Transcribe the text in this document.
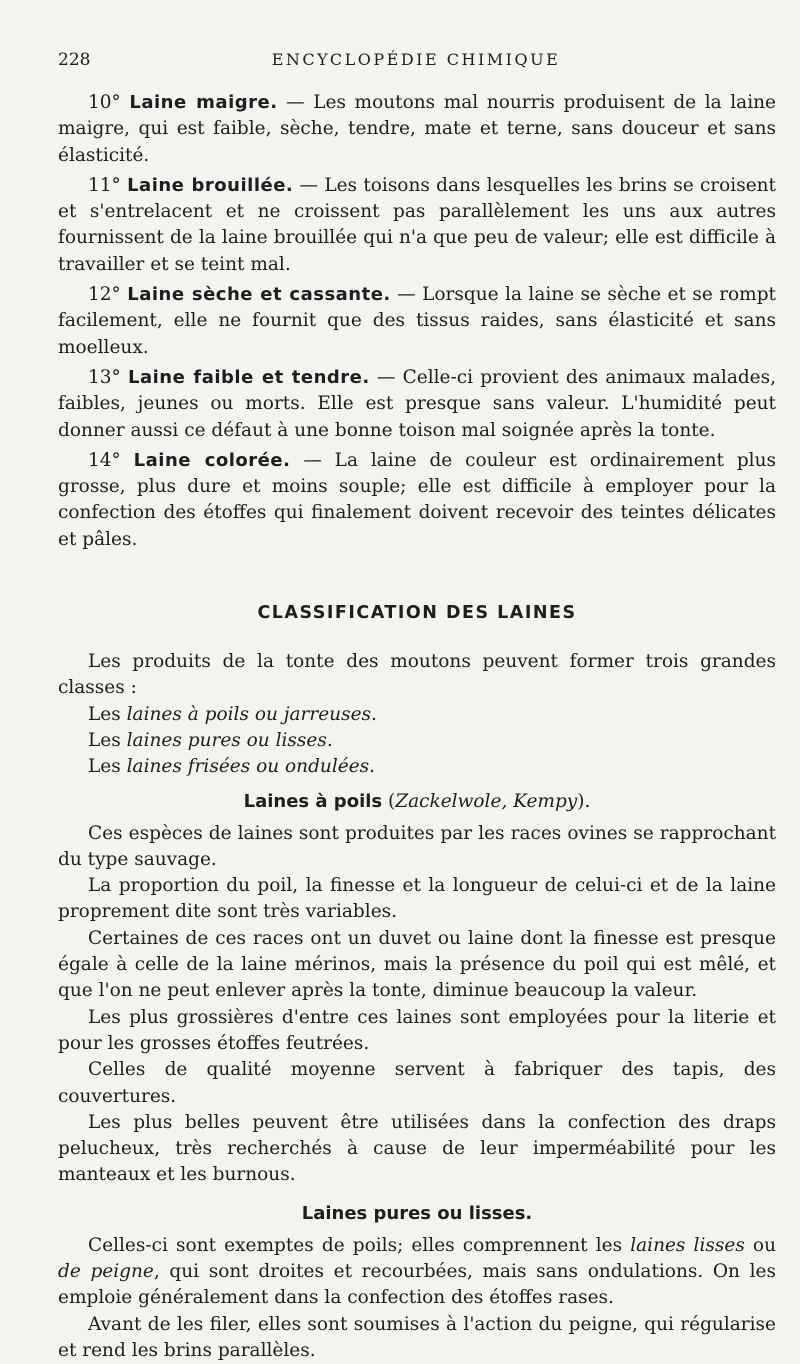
228	ENCYCLOPÉDIE CHIMIQUE

10° Laine maigre. — Les moutons mal nourris produisent de la laine maigre, qui est faible, sèche, tendre, mate et terne, sans douceur et sans élasticité.

11° Laine brouillée. — Les toisons dans lesquelles les brins se croisent et s'entrelacent et ne croissent pas parallèlement les uns aux autres fournissent de la laine brouillée qui n'a que peu de valeur; elle est difficile à travailler et se teint mal.

12° Laine sèche et cassante. — Lorsque la laine se sèche et se rompt facilement, elle ne fournit que des tissus raides, sans élasticité et sans moelleux.

13° Laine faible et tendre. — Celle-ci provient des animaux malades, faibles, jeunes ou morts. Elle est presque sans valeur. L'humidité peut donner aussi ce défaut à une bonne toison mal soignée après la tonte.

14° Laine colorée. — La laine de couleur est ordinairement plus grosse, plus dure et moins souple; elle est difficile à employer pour la confection des étoffes qui finalement doivent recevoir des teintes délicates et pâles.

CLASSIFICATION DES LAINES

Les produits de la tonte des moutons peuvent former trois grandes classes :

Les laines à poils ou jarreuses.

Les laines pures ou lisses.

Les laines frisées ou ondulées.

Laines à poils (Zackelwole, Kempy).

Ces espèces de laines sont produites par les races ovines se rapprochant du type sauvage.

La proportion du poil, la finesse et la longueur de celui-ci et de la laine proprement dite sont très variables.

Certaines de ces races ont un duvet ou laine dont la finesse est presque égale à celle de la laine mérinos, mais la présence du poil qui est mêlé, et que l'on ne peut enlever après la tonte, diminue beaucoup la valeur.

Les plus grossières d'entre ces laines sont employées pour la literie et pour les grosses étoffes feutrées.

Celles de qualité moyenne servent à fabriquer des tapis, des couvertures.

Les plus belles peuvent être utilisées dans la confection des draps pelucheux, très recherchés à cause de leur imperméabilité pour les manteaux et les burnous.

Laines pures ou lisses.

Celles-ci sont exemptes de poils; elles comprennent les laines lisses ou de peigne, qui sont droites et recourbées, mais sans ondulations. On les emploie généralement dans la confection des étoffes rases.

Avant de les filer, elles sont soumises à l'action du peigne, qui régularise et rend les brins parallèles.
